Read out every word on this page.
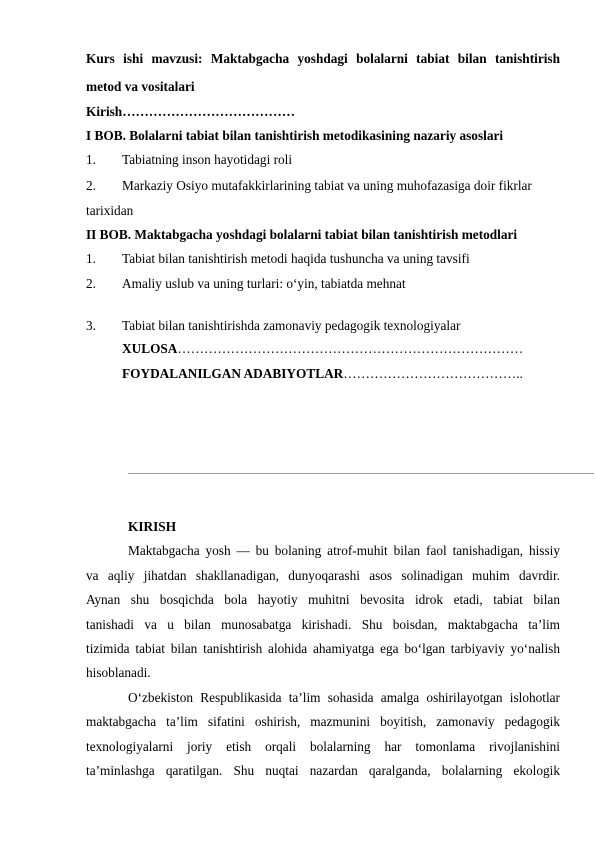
Kurs ishi mavzusi: Maktabgacha yoshdagi bolalarni tabiat bilan tanishtirish
metod va vositalari
Kirish…………………………………
I BOB. Bolalarni tabiat bilan tanishtirish metodikasining nazariy asoslari
1. Tabiatning inson hayotidagi roli
2. Markaziy Osiyo mutafakkirlarining tabiat va uning muhofazasiga doir fikrlar
tarixidan
II BOB. Maktabgacha yoshdagi bolalarni tabiat bilan tanishtirish metodlari
1. Tabiat bilan tanishtirish metodi haqida tushuncha va uning tavsifi
2. Amaliy uslub va uning turlari: o‘yin, tabiatda mehnat
3. Tabiat bilan tanishtirishda zamonaviy pedagogik texnologiyalar
XULOSA……………………………………………………………………
FOYDALANILGAN ADABIYOTLAR…………………………………..
KIRISH
Maktabgacha yosh — bu bolaning atrof-muhit bilan faol tanishadigan, hissiy
va aqliy jihatdan shakllanadigan, dunyoqarashi asos solinadigan muhim davrdir.
Aynan shu bosqichda bola hayotiy muhitni bevosita idrok etadi, tabiat bilan
tanishadi va u bilan munosabatga kirishadi. Shu boisdan, maktabgacha ta’lim
tizimida tabiat bilan tanishtirish alohida ahamiyatga ega bo‘lgan tarbiyaviy yo‘nalish
hisoblanadi.
O‘zbekiston Respublikasida ta’lim sohasida amalga oshirilayotgan islohotlar
maktabgacha ta’lim sifatini oshirish, mazmunini boyitish, zamonaviy pedagogik
texnologiyalarni joriy etish orqali bolalarning har tomonlama rivojlanishini
ta’minlashga qaratilgan. Shu nuqtai nazardan qaralganda, bolalarning ekologik
